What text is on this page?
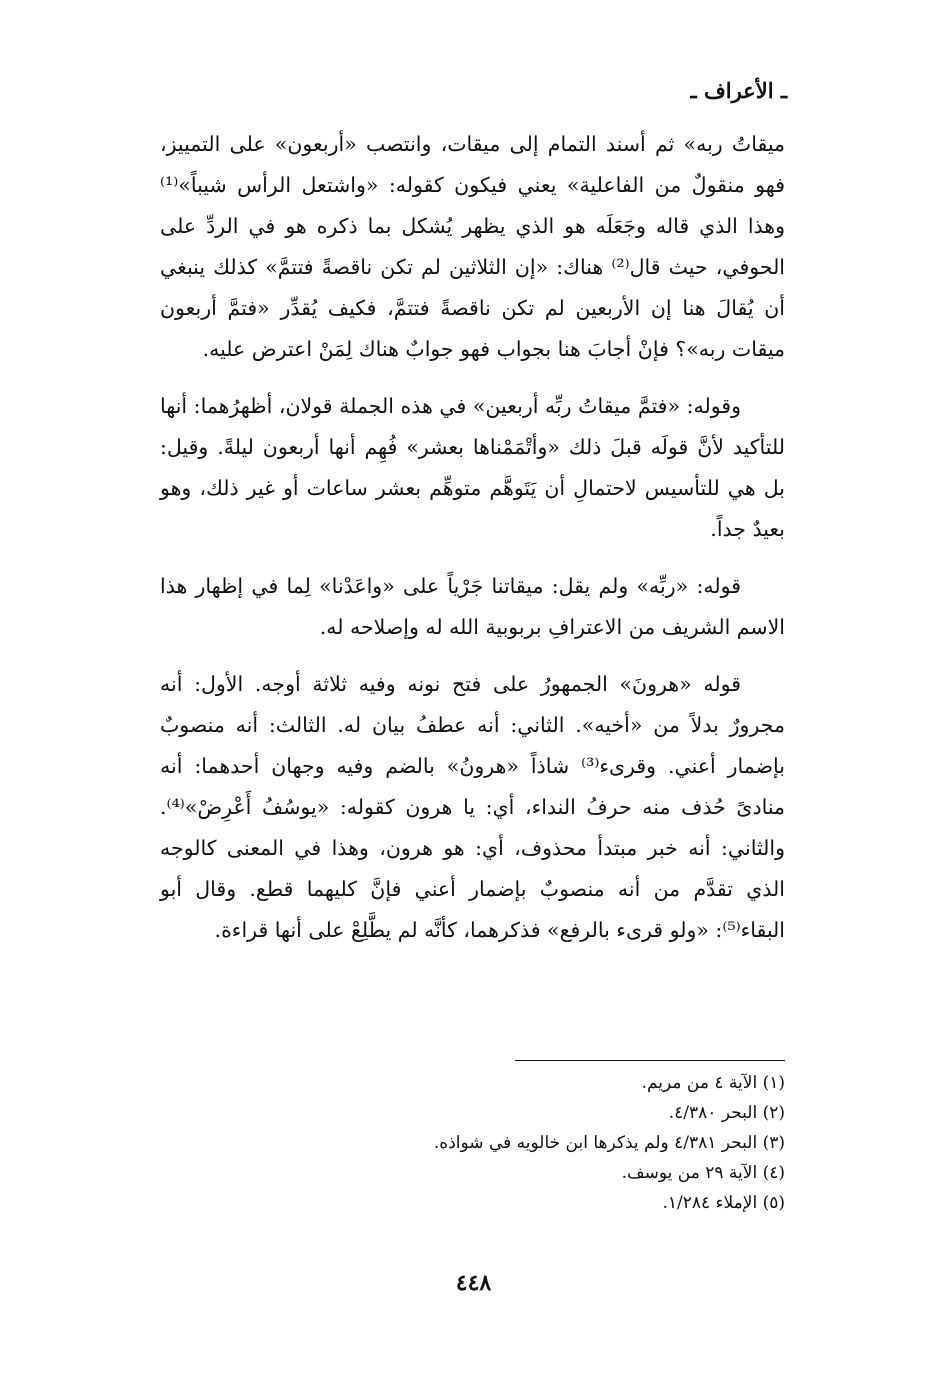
ـ الأعراف ـ

ميقاتُ ربه» ثم أسند التمام إلى ميقات، وانتصب «أربعون» على التمييز، فهو منقولٌ من الفاعلية» يعني فيكون كقوله: «واشتعل الرأس شيباً»⁽¹⁾ وهذا الذي قاله وجَعَلَه هو الذي يظهر يُشكل بما ذكره هو في الردِّ على الحوفي، حيث قال⁽²⁾ هناك: «إن الثلاثين لم تكن ناقصةً فتتمَّ» كذلك ينبغي أن يُقالَ هنا إن الأربعين لم تكن ناقصةً فتتمَّ، فكيف يُقدِّر «فتمَّ أربعون ميقات ربه»؟ فإنْ أجابَ هنا بجواب فهو جوابٌ هناك لِمَنْ اعترض عليه.

وقوله: «فتمَّ ميقاتُ ربِّه أربعين» في هذه الجملة قولان، أظهرُهما: أنها للتأكيد لأنَّ قولَه قبلَ ذلك «وأتْمَمْناها بعشر» فُهِم أنها أربعون ليلةً. وقيل: بل هي للتأسيس لاحتمالِ أن يَتَوهَّم متوهِّم بعشر ساعات أو غير ذلك، وهو بعيدٌ جداً.

قوله: «ربِّه» ولم يقل: ميقاتنا جَرْياً على «واعَدْنا» لِما في إظهار هذا الاسم الشريف من الاعترافِ بربوبية الله له وإصلاحه له.

قوله «هرونَ» الجمهورُ على فتح نونه وفيه ثلاثة أوجه. الأول: أنه مجرورٌ بدلاً من «أخيه». الثاني: أنه عطفُ بيان له. الثالث: أنه منصوبٌ بإضمار أعني. وقرىء⁽³⁾ شاذاً «هرونُ» بالضم وفيه وجهان أحدهما: أنه منادىً حُذف منه حرفُ النداء، أي: يا هرون كقوله: «يوسُفُ أَعْرِضْ»⁽⁴⁾. والثاني: أنه خبر مبتدأ محذوف، أي: هو هرون، وهذا في المعنى كالوجه الذي تقدَّم من أنه منصوبٌ بإضمار أعني فإنَّ كليهما قطع. وقال أبو البقاء⁽⁵⁾: «ولو قرىء بالرفع» فذكرهما، كأنَّه لم يطَّلِعْ على أنها قراءة.

(١) الآية ٤ من مريم.

(٢) البحر ٤/٣٨٠.

(٣) البحر ٤/٣٨١ ولم يذكرها ابن خالويه في شواذه.

(٤) الآية ٢٩ من يوسف.

(٥) الإملاء ١/٢٨٤.

٤٤٨
